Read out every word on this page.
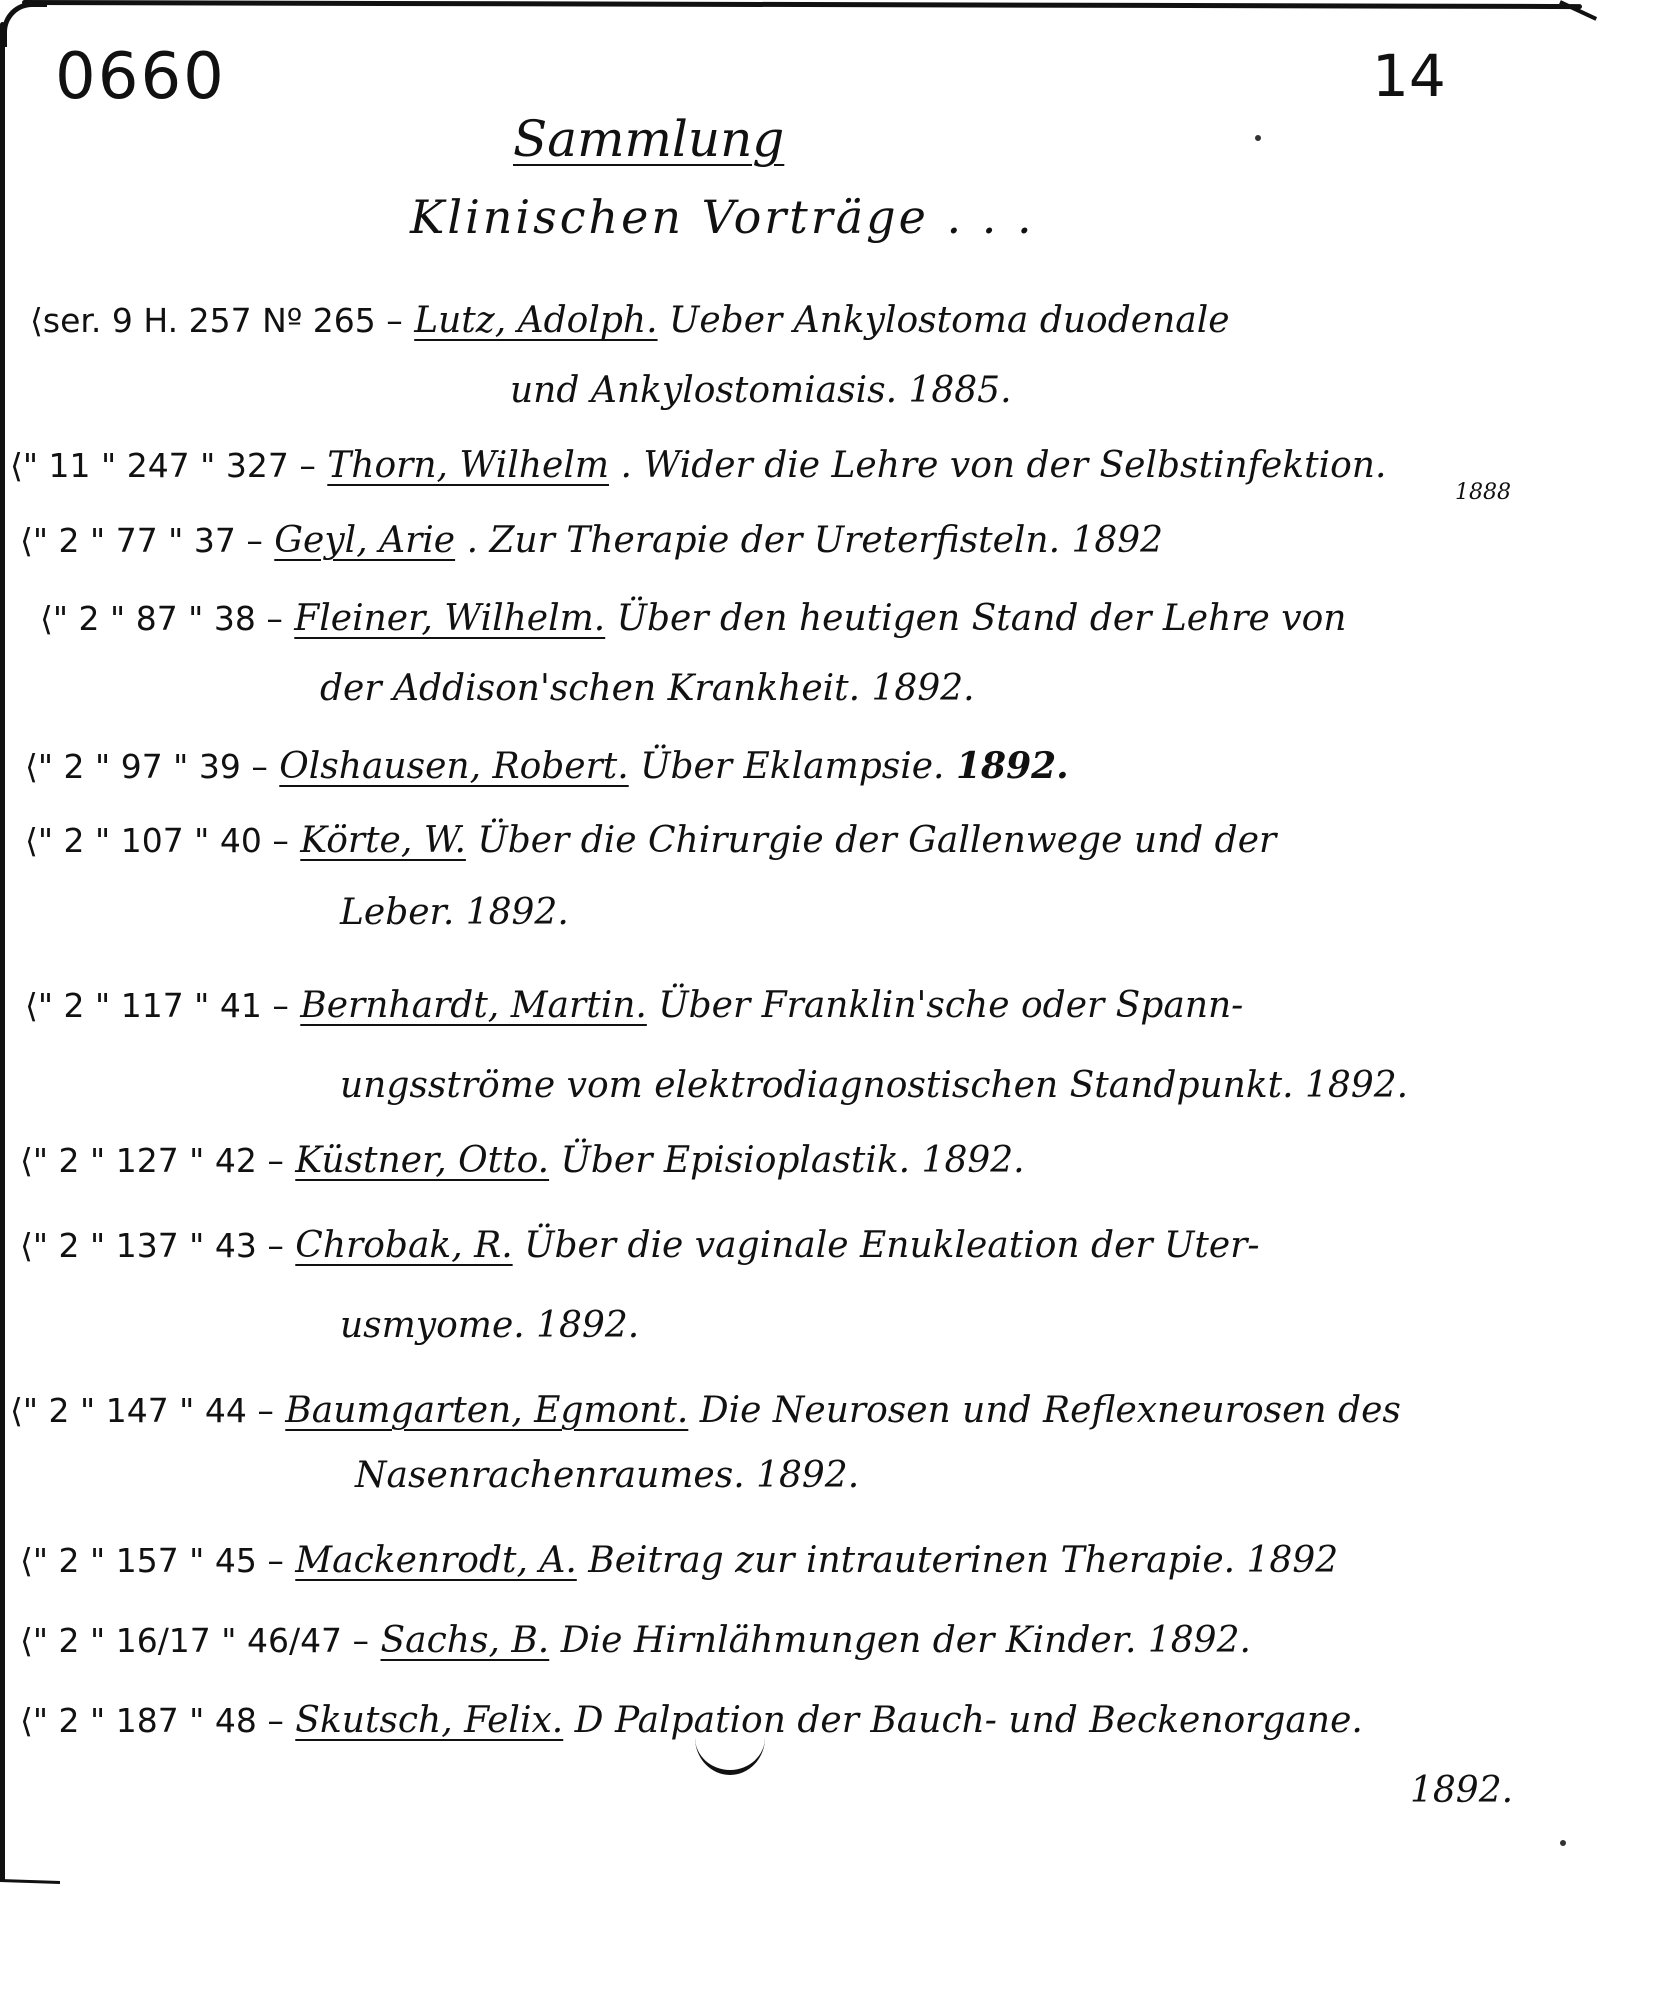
0660	14
Sammlung
Klinischen Vorträge . . .
⟨ser. 9 H. 257 Nº 265 – Lutz, Adolph. Ueber Ankylostoma duodenale
und Ankylostomiasis. 1885.
⟨" 11 " 247 " 327 – Thorn, Wilhelm . Wider die Lehre von der Selbstinfektion.
1888
⟨" 2 " 77 " 37 – Geyl, Arie . Zur Therapie der Ureterfisteln. 1892
⟨" 2 " 87 " 38 – Fleiner, Wilhelm. Über den heutigen Stand der Lehre von
der Addison'schen Krankheit. 1892.
⟨" 2 " 97 " 39 – Olshausen, Robert. Über Eklampsie. 1892.
⟨" 2 " 107 " 40 – Körte, W. Über die Chirurgie der Gallenwege und der
Leber. 1892.
⟨" 2 " 117 " 41 – Bernhardt, Martin. Über Franklin'sche oder Spann-
ungsströme vom elektrodiagnostischen Standpunkt. 1892.
⟨" 2 " 127 " 42 – Küstner, Otto. Über Episioplastik. 1892.
⟨" 2 " 137 " 43 – Chrobak, R. Über die vaginale Enukleation der Uter-
usmyome. 1892.
⟨" 2 " 147 " 44 – Baumgarten, Egmont. Die Neurosen und Reflexneurosen des
Nasenrachenraumes. 1892.
⟨" 2 " 157 " 45 – Mackenrodt, A. Beitrag zur intrauterinen Therapie. 1892
⟨" 2 " 16/17 " 46/47 – Sachs, B. Die Hirnlähmungen der Kinder. 1892.
⟨" 2 " 187 " 48 – Skutsch, Felix. D Palpation der Bauch- und Beckenorgane.
1892.
